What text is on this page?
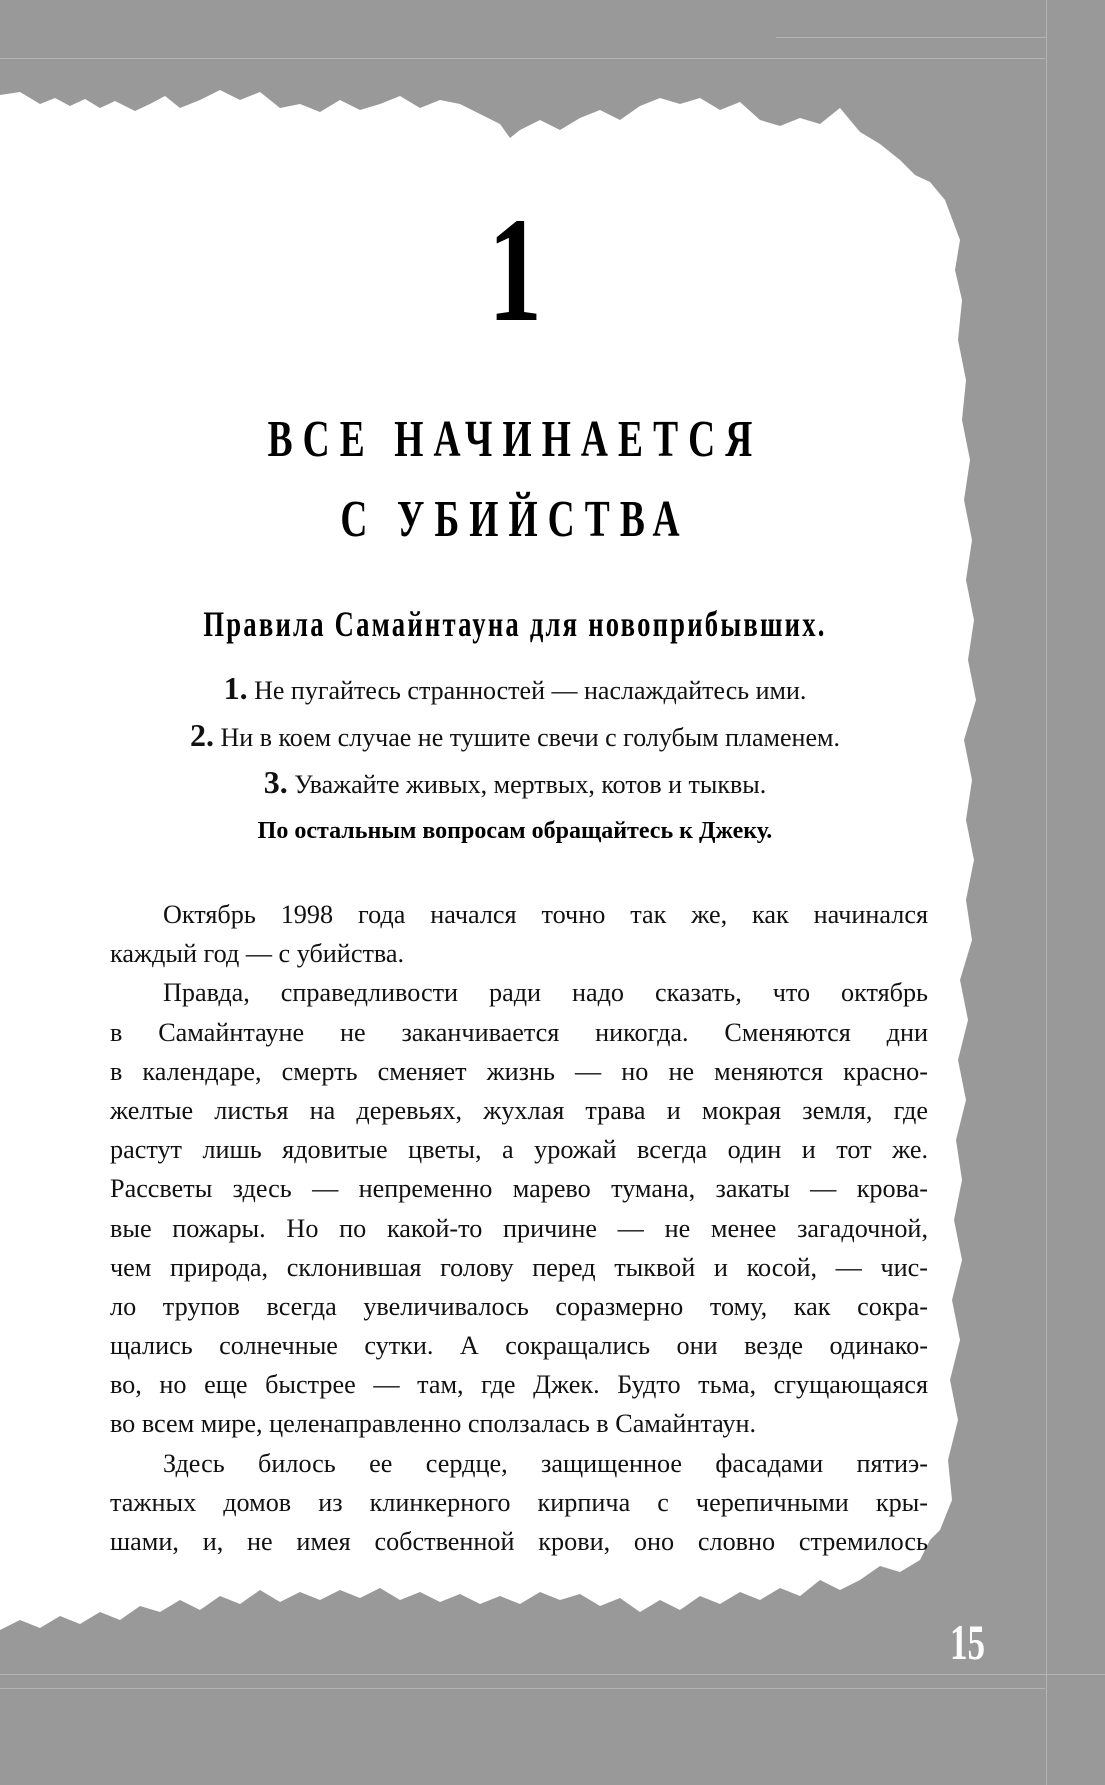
1
ВСЕ НАЧИНАЕТСЯ
С УБИЙСТВА
Правила Самайнтауна для новоприбывших.
1. Не пугайтесь странностей — наслаждайтесь ими.
2. Ни в коем случае не тушите свечи с голубым пламенем.
3. Уважайте живых, мертвых, котов и тыквы.
По остальным вопросам обращайтесь к Джеку.
Октябрь 1998 года начался точно так же, как начинался
каждый год — с убийства.
Правда, справедливости ради надо сказать, что октябрь
в Самайнтауне не заканчивается никогда. Сменяются дни
в календаре, смерть сменяет жизнь — но не меняются красно-
желтые листья на деревьях, жухлая трава и мокрая земля, где
растут лишь ядовитые цветы, а урожай всегда один и тот же.
Рассветы здесь — непременно марево тумана, закаты — крова-
вые пожары. Но по какой-то причине — не менее загадочной,
чем природа, склонившая голову перед тыквой и косой, — чис-
ло трупов всегда увеличивалось соразмерно тому, как сокра-
щались солнечные сутки. А сокращались они везде одинако-
во, но еще быстрее — там, где Джек. Будто тьма, сгущающаяся
во всем мире, целенаправленно сползалась в Самайнтаун.
Здесь билось ее сердце, защищенное фасадами пятиэ-
тажных домов из клинкерного кирпича с черепичными кры-
шами, и, не имея собственной крови, оно словно стремилось
15
